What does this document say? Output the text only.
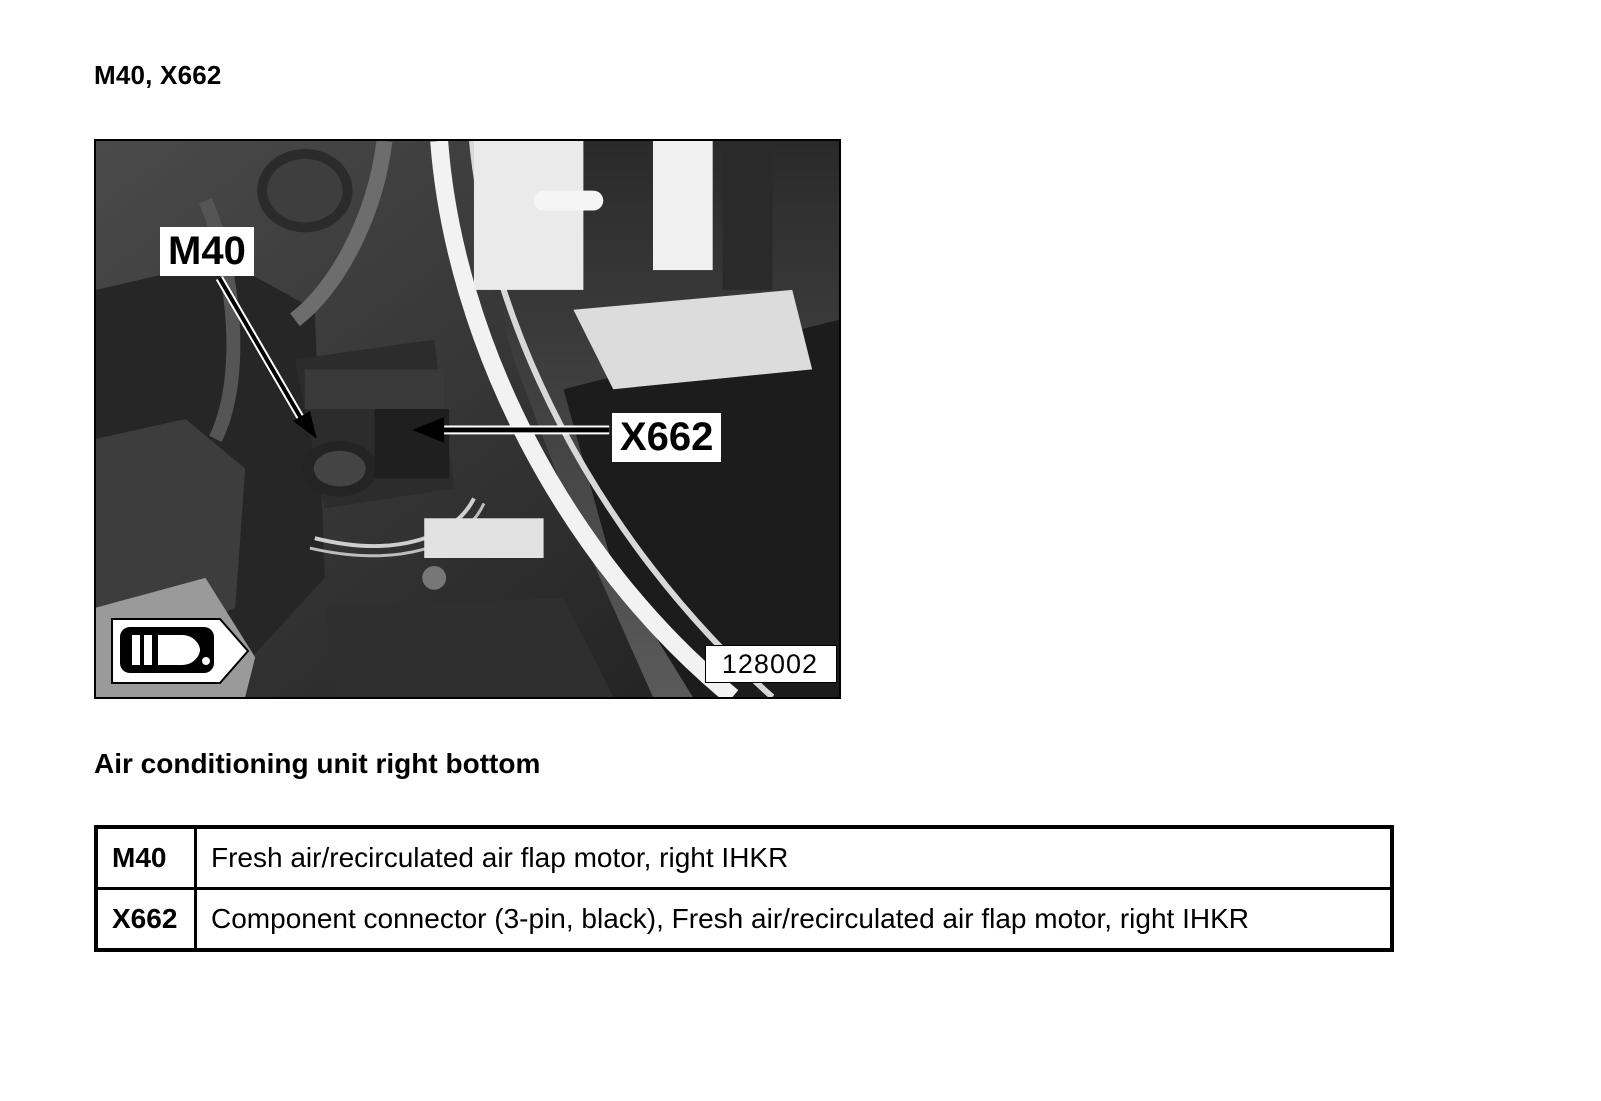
M40, X662
M40
X662
128002
Air conditioning unit right bottom
M40	Fresh air/recirculated air flap motor, right IHKR
X662	Component connector (3-pin, black), Fresh air/recirculated air flap motor, right IHKR
